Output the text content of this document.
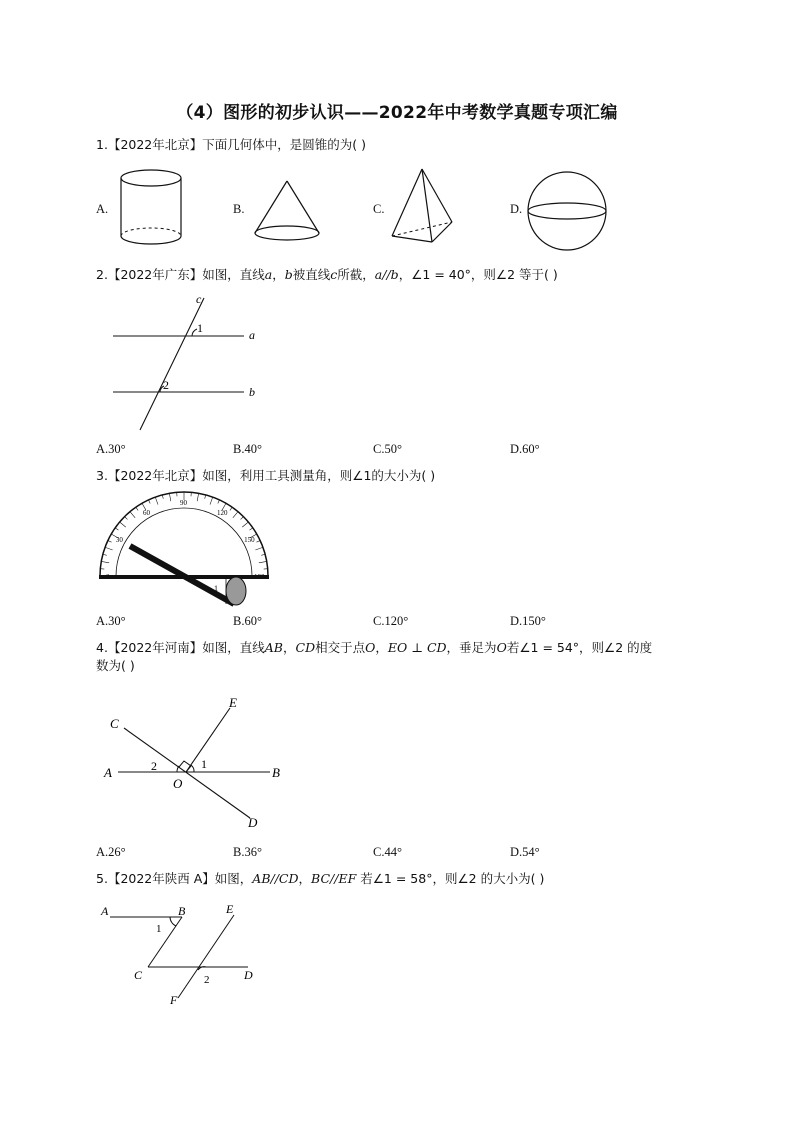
（4）图形的初步认识——2022年中考数学真题专项汇编
1.【2022年北京】下面几何体中，是圆锥的为( )
A.	B.	C.	D.
2.【2022年广东】如图，直线a，b被直线c所截，a//b，∠1 = 40°，则∠2 等于( )
c
a
b
1
2
A.30°	B.40°	C.50°	D.60°
3.【2022年北京】如图，利用工具测量角，则∠1的大小为( )
30
60
90
120
150
1
A.30°	B.60°	C.120°	D.150°
4.【2022年河南】如图，直线AB，CD相交于点O，EO ⊥ CD，垂足为O若∠1 = 54°，则∠2 的度
数为( )
C
E
A	B
O
D
2	1
A.26°	B.36°	C.44°	D.54°
5.【2022年陕西 A】如图，AB//CD，BC//EF 若∠1 = 58°，则∠2 的大小为( )
A	B	E
C	D
F
1
2
